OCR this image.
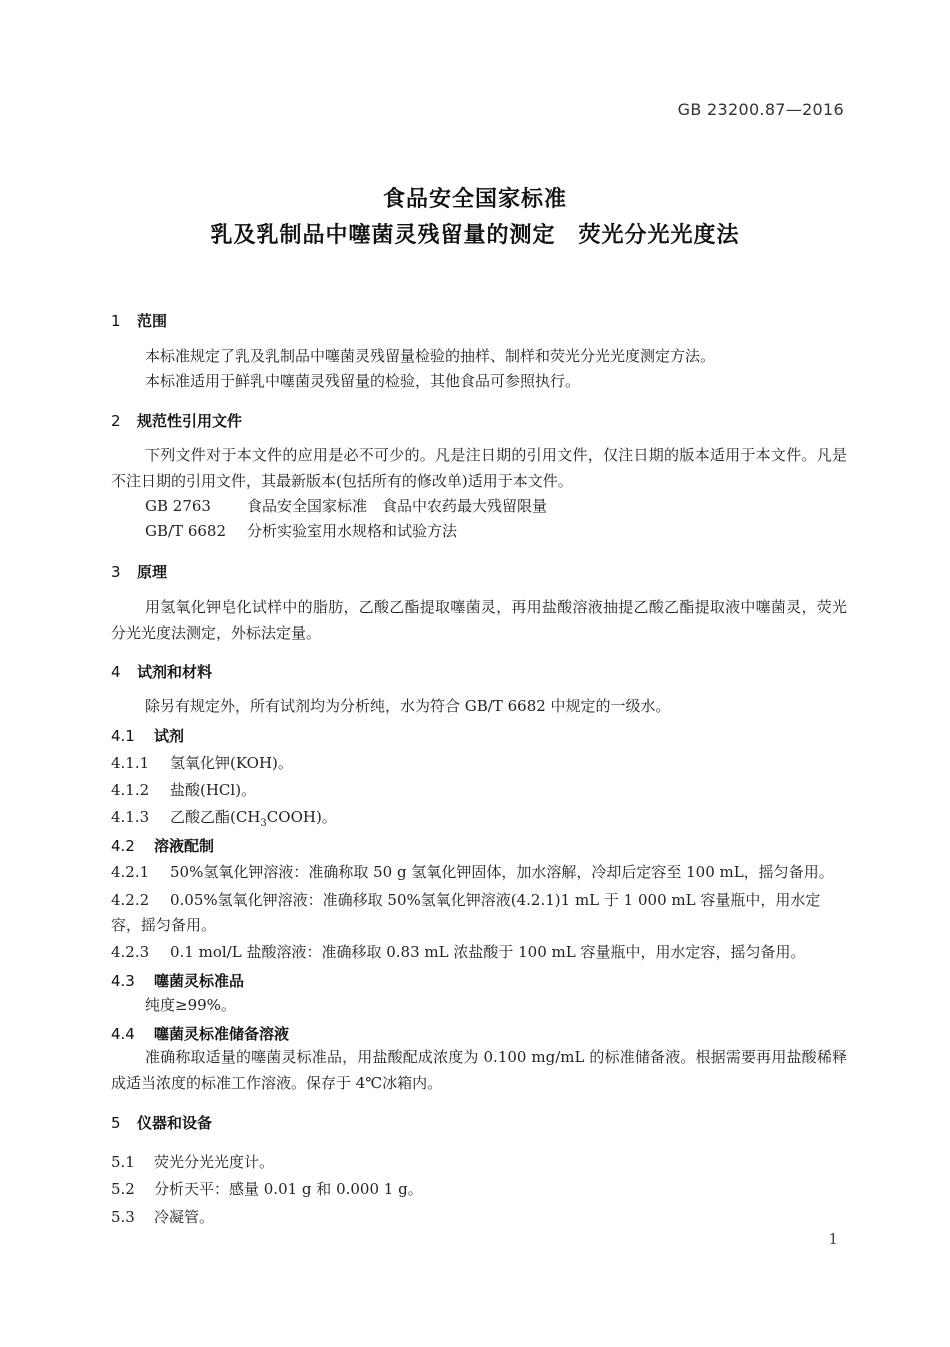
GB 23200.87—2016
食品安全国家标准
乳及乳制品中噻菌灵残留量的测定　荧光分光光度法
1 范围
本标准规定了乳及乳制品中噻菌灵残留量检验的抽样、制样和荧光分光光度测定方法。
本标准适用于鲜乳中噻菌灵残留量的检验，其他食品可参照执行。
2 规范性引用文件
下列文件对于本文件的应用是必不可少的。凡是注日期的引用文件，仅注日期的版本适用于本文件。凡是不注日期的引用文件，其最新版本(包括所有的修改单)适用于本文件。
GB 2763 食品安全国家标准　食品中农药最大残留限量
GB/T 6682 分析实验室用水规格和试验方法
3 原理
用氢氧化钾皂化试样中的脂肪，乙酸乙酯提取噻菌灵，再用盐酸溶液抽提乙酸乙酯提取液中噻菌灵，荧光分光光度法测定，外标法定量。
4 试剂和材料
除另有规定外，所有试剂均为分析纯，水为符合 GB/T 6682 中规定的一级水。
4.1 试剂
4.1.1 氢氧化钾(KOH)。
4.1.2 盐酸(HCl)。
4.1.3 乙酸乙酯$(CH_3COOH)$。
4.2 溶液配制
4.2.1 50%氢氧化钾溶液：准确称取 50 g 氢氧化钾固体，加水溶解，冷却后定容至 100 mL，摇匀备用。
4.2.2 0.05%氢氧化钾溶液：准确移取 50%氢氧化钾溶液(4.2.1)1 mL 于 1 000 mL 容量瓶中，用水定
容，摇匀备用。
4.2.3 0.1 mol/L 盐酸溶液：准确移取 0.83 mL 浓盐酸于 100 mL 容量瓶中，用水定容，摇匀备用。
4.3 噻菌灵标准品
纯度≥99%。
4.4 噻菌灵标准储备溶液
准确称取适量的噻菌灵标准品，用盐酸配成浓度为 0.100 mg/mL 的标准储备液。根据需要再用盐酸稀释成适当浓度的标准工作溶液。保存于 4℃冰箱内。
5 仪器和设备
5.1 荧光分光光度计。
5.2 分析天平：感量 0.01 g 和 0.000 1 g。
5.3 冷凝管。
1
